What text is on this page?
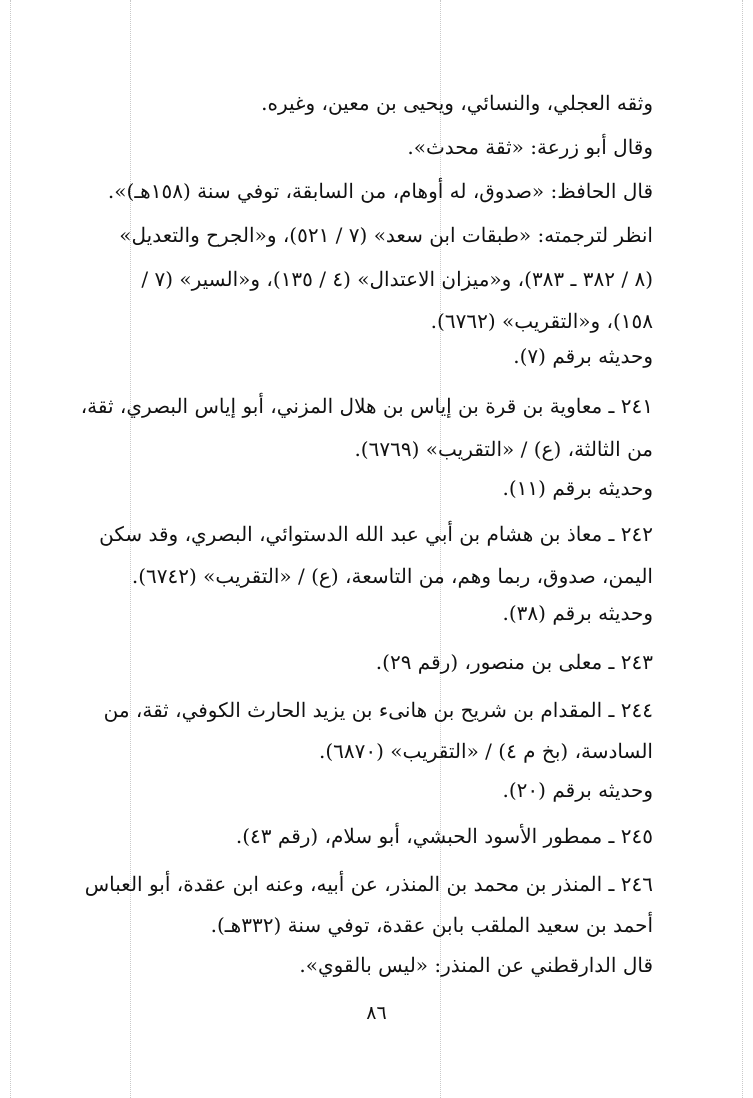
وثقه العجلي، والنسائي، ويحيى بن معين، وغيره.
وقال أبو زرعة: «ثقة محدث».
قال الحافظ: «صدوق، له أوهام، من السابقة، توفي سنة (١٥٨هـ)».
انظر لترجمته: «طبقات ابن سعد» (٧ / ٥٢١)، و«الجرح والتعديل»
(٨ / ٣٨٢ ـ ٣٨٣)، و«ميزان الاعتدال» (٤ / ١٣٥)، و«السير» (٧ /
١٥٨)، و«التقريب» (٦٧٦٢).
وحديثه برقم (٧).
٢٤١ ـ معاوية بن قرة بن إياس بن هلال المزني، أبو إياس البصري، ثقة،
من الثالثة، (ع) / «التقريب» (٦٧٦٩).
وحديثه برقم (١١).
٢٤٢ ـ معاذ بن هشام بن أبي عبد الله الدستوائي، البصري، وقد سكن
اليمن، صدوق، ربما وهم، من التاسعة، (ع) / «التقريب» (٦٧٤٢).
وحديثه برقم (٣٨).
٢٤٣ ـ معلى بن منصور، (رقم ٢٩).
٢٤٤ ـ المقدام بن شريح بن هانىء بن يزيد الحارث الكوفي، ثقة، من
السادسة، (بخ م ٤) / «التقريب» (٦٨٧٠).
وحديثه برقم (٢٠).
٢٤٥ ـ ممطور الأسود الحبشي، أبو سلام، (رقم ٤٣).
٢٤٦ ـ المنذر بن محمد بن المنذر، عن أبيه، وعنه ابن عقدة، أبو العباس
أحمد بن سعيد الملقب بابن عقدة، توفي سنة (٣٣٢هـ).
قال الدارقطني عن المنذر: «ليس بالقوي».
٨٦
